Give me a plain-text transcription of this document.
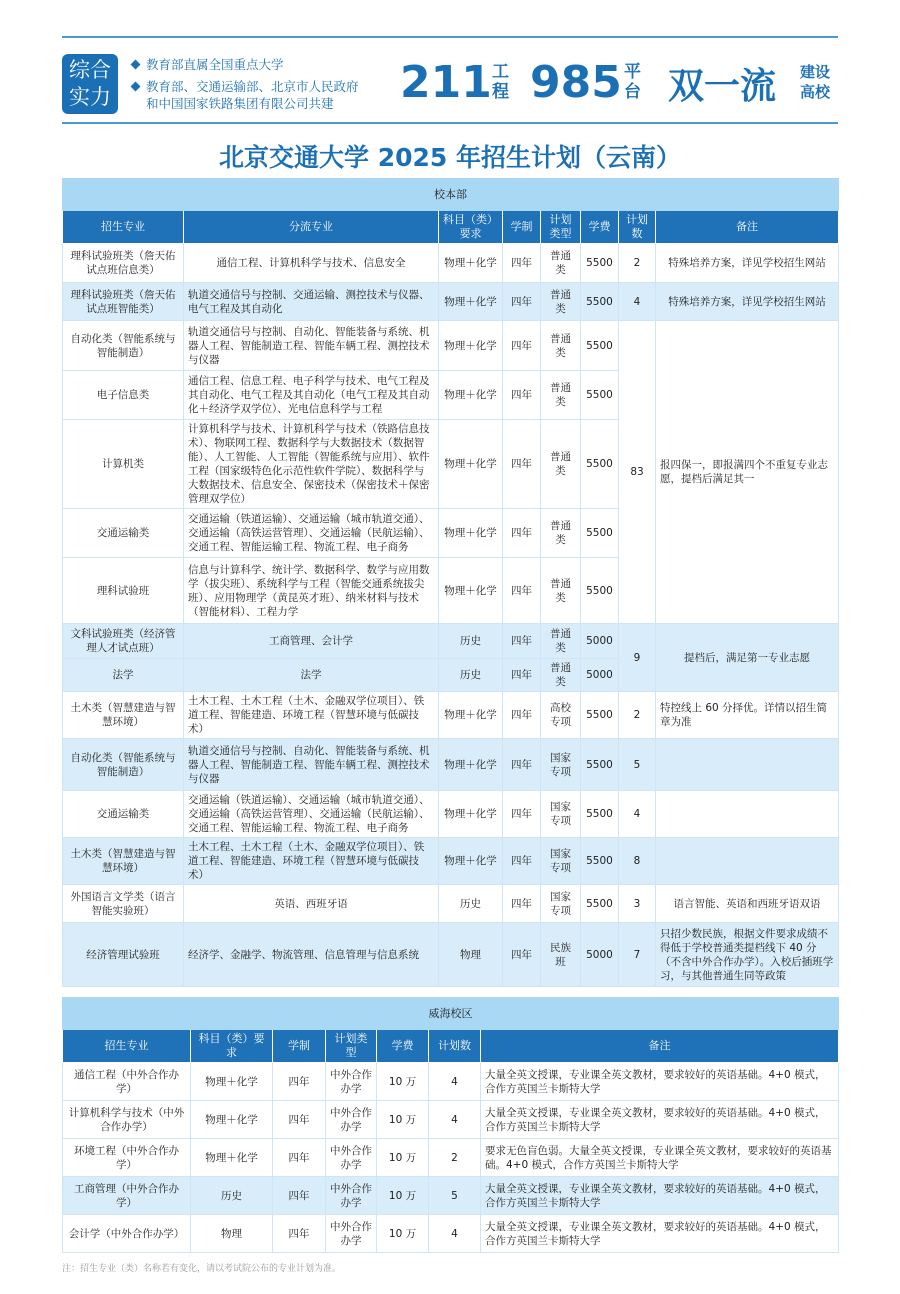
综合
实力
教育部直属全国重点大学
教育部、交通运输部、北京市人民政府
和中国国家铁路集团有限公司共建 211 工程 985 平台 双一流 建设高校
北京交通大学 2025 年招生计划（云南）
校本部							
招生专业	分流专业	科目（类）要求	学制	计划类型	学费	计划数	备注
理科试验班类（詹天佑试点班信息类）	通信工程、计算机科学与技术、信息安全	物理＋化学	四年	普通类	5500	2	特殊培养方案，详见学校招生网站
理科试验班类（詹天佑试点班智能类）	轨道交通信号与控制、交通运输、测控技术与仪器、电气工程及其自动化	物理＋化学	四年	普通类	5500	4	特殊培养方案，详见学校招生网站
自动化类（智能系统与智能制造）	轨道交通信号与控制、自动化、智能装备与系统、机器人工程、智能制造工程、智能车辆工程、测控技术与仪器	物理＋化学	四年	普通类	5500	83	报四保一，即报满四个不重复专业志愿，提档后满足其一
电子信息类	通信工程、信息工程、电子科学与技术、电气工程及其自动化、电气工程及其自动化（电气工程及其自动化＋经济学双学位）、光电信息科学与工程	物理＋化学	四年	普通类	5500		
计算机类	计算机科学与技术、计算机科学与技术（铁路信息技术）、物联网工程、数据科学与大数据技术（数据智能）、人工智能、人工智能（智能系统与应用）、软件工程（国家级特色化示范性软件学院）、数据科学与大数据技术、信息安全、保密技术（保密技术＋保密管理双学位）	物理＋化学	四年	普通类	5500		
交通运输类	交通运输（铁道运输）、交通运输（城市轨道交通）、交通运输（高铁运营管理）、交通运输（民航运输）、交通工程、智能运输工程、物流工程、电子商务	物理＋化学	四年	普通类	5500		
理科试验班	信息与计算科学、统计学、数据科学、数学与应用数学（拔尖班）、系统科学与工程（智能交通系统拔尖班）、应用物理学（黄昆英才班）、纳米材料与技术（智能材料）、工程力学	物理＋化学	四年	普通类	5500		
文科试验班类（经济管理人才试点班）	工商管理、会计学	历史	四年	普通类	5000	9	提档后，满足第一专业志愿
法学	法学	历史	四年	普通类	5000		
土木类（智慧建造与智慧环境）	土木工程、土木工程（土木、金融双学位项目）、铁道工程、智能建造、环境工程（智慧环境与低碳技术）	物理＋化学	四年	高校专项	5500	2	特控线上 60 分择优。详情以招生简章为准
自动化类（智能系统与智能制造）	轨道交通信号与控制、自动化、智能装备与系统、机器人工程、智能制造工程、智能车辆工程、测控技术与仪器	物理＋化学	四年	国家专项	5500	5	
交通运输类	交通运输（铁道运输）、交通运输（城市轨道交通）、交通运输（高铁运营管理）、交通运输（民航运输）、交通工程、智能运输工程、物流工程、电子商务	物理＋化学	四年	国家专项	5500	4	
土木类（智慧建造与智慧环境）	土木工程、土木工程（土木、金融双学位项目）、铁道工程、智能建造、环境工程（智慧环境与低碳技术）	物理＋化学	四年	国家专项	5500	8	
外国语言文学类（语言智能实验班）	英语、西班牙语	历史	四年	国家专项	5500	3	语言智能、英语和西班牙语双语
经济管理试验班	经济学、金融学、物流管理、信息管理与信息系统	物理	四年	民族班	5000	7	只招少数民族，根据文件要求成绩不得低于学校普通类提档线下 40 分（不含中外合作办学）。入校后插班学习，与其他普通生同等政策
威海校区						
招生专业	科目（类）要求	学制	计划类型	学费	计划数	备注
通信工程（中外合作办学）	物理＋化学	四年	中外合作办学	10 万	4	大量全英文授课，专业课全英文教材，要求较好的英语基础。4+0 模式，合作方英国兰卡斯特大学
计算机科学与技术（中外合作办学）	物理＋化学	四年	中外合作办学	10 万	4	大量全英文授课，专业课全英文教材，要求较好的英语基础。4+0 模式，合作方英国兰卡斯特大学
环境工程（中外合作办学）	物理＋化学	四年	中外合作办学	10 万	2	要求无色盲色弱。大量全英文授课，专业课全英文教材，要求较好的英语基础。4+0 模式，合作方英国兰卡斯特大学
工商管理（中外合作办学）	历史	四年	中外合作办学	10 万	5	大量全英文授课，专业课全英文教材，要求较好的英语基础。4+0 模式，合作方英国兰卡斯特大学
会计学（中外合作办学）	物理	四年	中外合作办学	10 万	4	大量全英文授课，专业课全英文教材，要求较好的英语基础。4+0 模式，合作方英国兰卡斯特大学
注：招生专业（类）名称若有变化，请以考试院公布的专业计划为准。
